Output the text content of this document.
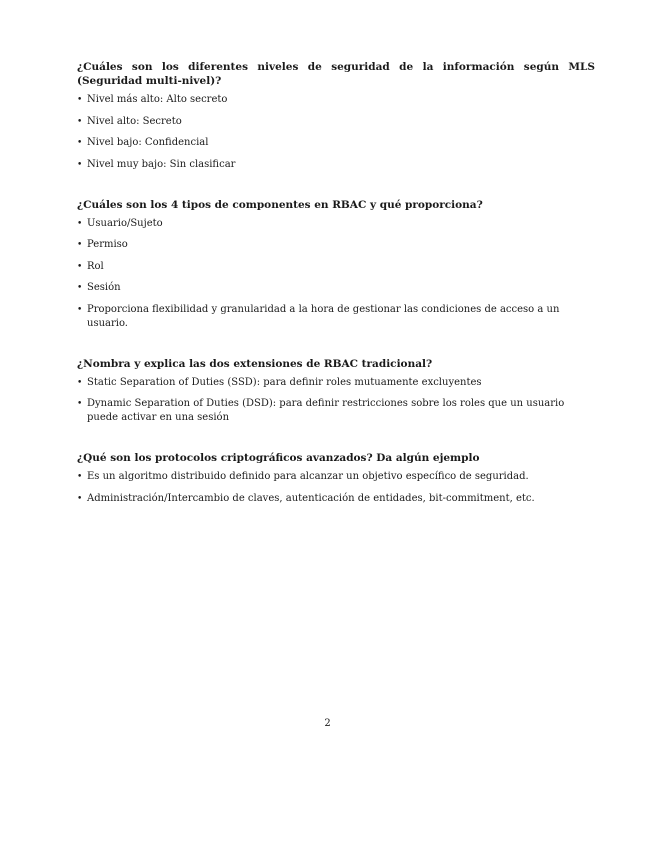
¿Cuáles son los diferentes niveles de seguridad de la información según MLS (Seguridad multi-nivel)?

• Nivel más alto: Alto secreto
• Nivel alto: Secreto
• Nivel bajo: Confidencial
• Nivel muy bajo: Sin clasificar

¿Cuáles son los 4 tipos de componentes en RBAC y qué proporciona?

• Usuario/Sujeto
• Permiso
• Rol
• Sesión
• Proporciona flexibilidad y granularidad a la hora de gestionar las condiciones de acceso a un usuario.

¿Nombra y explica las dos extensiones de RBAC tradicional?

• Static Separation of Duties (SSD): para definir roles mutuamente excluyentes
• Dynamic Separation of Duties (DSD): para definir restricciones sobre los roles que un usuario puede activar en una sesión

¿Qué son los protocolos criptográficos avanzados? Da algún ejemplo

• Es un algoritmo distribuido definido para alcanzar un objetivo específico de seguridad.
• Administración/Intercambio de claves, autenticación de entidades, bit-commitment, etc.
2
